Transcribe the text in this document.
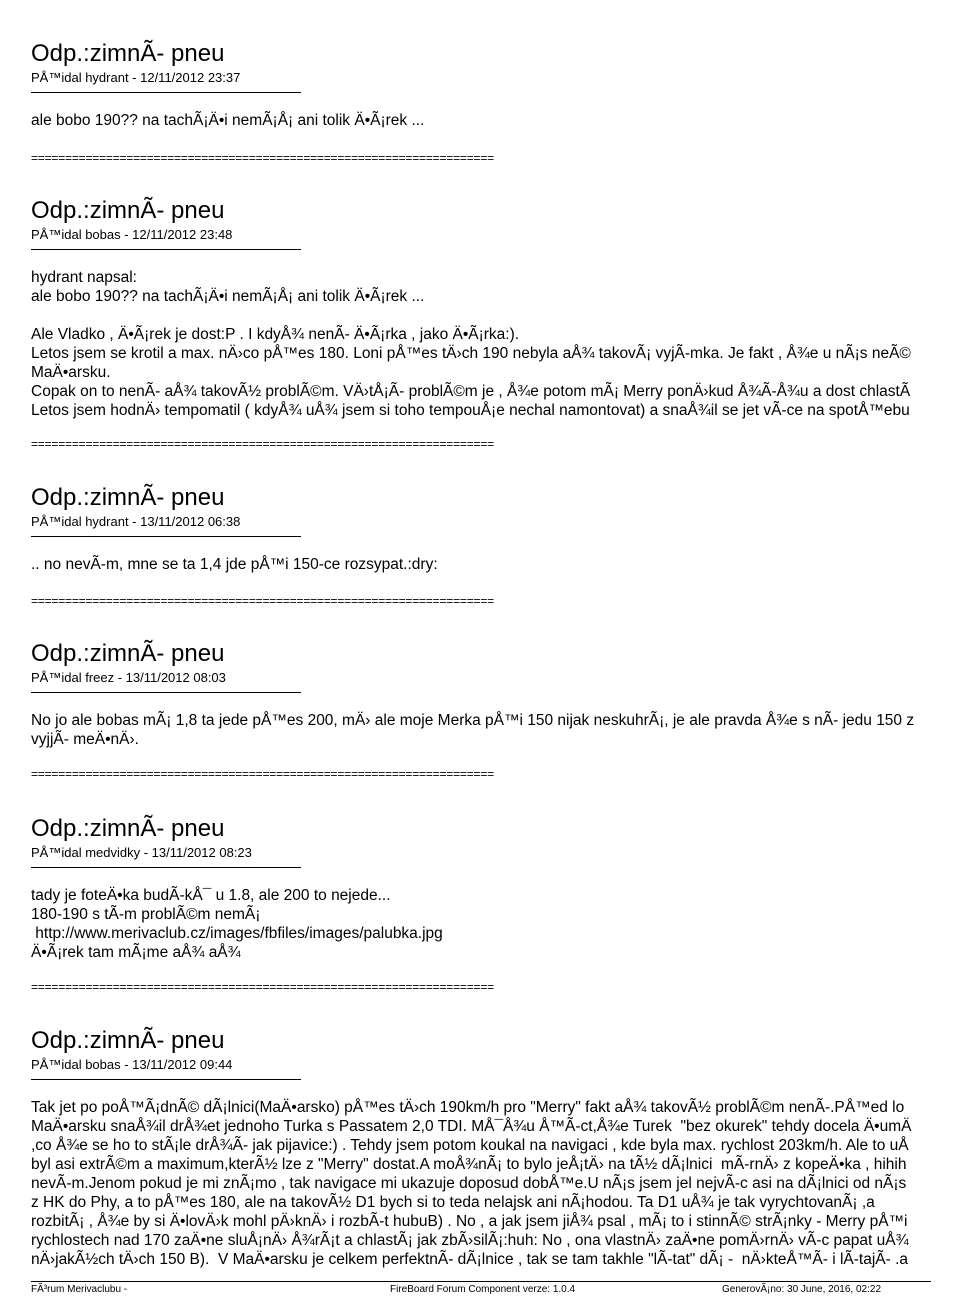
Odp.:zimnÃ- pneu
PÅ™idal hydrant - 12/11/2012 23:37
ale bobo 190?? na tachÃ¡Ä•i nemÃ¡Å¡ ani tolik Ä•Ã¡rek ...
====================================================================
Odp.:zimnÃ- pneu
PÅ™idal bobas - 12/11/2012 23:48
hydrant napsal:
ale bobo 190?? na tachÃ¡Ä•i nemÃ¡Å¡ ani tolik Ä•Ã¡rek ...
Ale Vladko , Ä•Ã¡rek je dost:P . I kdyÅ¾ nenÃ- Ä•Ã¡rka , jako Ä•Ã¡rka:).
Letos jsem se krotil a max. nÄ›co pÅ™es 180. Loni pÅ™es tÄ›ch 190 nebyla aÅ¾ takovÃ¡ vyjÃ-mka. Je fakt , Å¾e u nÃ¡s neÃ©
MaÄ•arsku.
Copak on to nenÃ- aÅ¾ takovÃ½ problÃ©m. VÄ›tÅ¡Ã- problÃ©m je , Å¾e potom mÃ¡ Merry ponÄ›kud Å¾Ã-Å¾u a dost chlastÃ
Letos jsem hodnÄ› tempomatil ( kdyÅ¾ uÅ¾ jsem si toho tempouÅ¡e nechal namontovat) a snaÅ¾il se jet vÃ-ce na spotÅ™ebu
====================================================================
Odp.:zimnÃ- pneu
PÅ™idal hydrant - 13/11/2012 06:38
.. no nevÃ-m, mne se ta 1,4 jde pÅ™i 150-ce rozsypat.:dry:
====================================================================
Odp.:zimnÃ- pneu
PÅ™idal freez - 13/11/2012 08:03
No jo ale bobas mÃ¡ 1,8 ta jede pÅ™es 200, mÄ› ale moje Merka pÅ™i 150 nijak neskuhrÃ¡, je ale pravda Å¾e s nÃ- jedu 150 z
vyjjÃ- meÄ•nÄ›.
====================================================================
Odp.:zimnÃ- pneu
PÅ™idal medvidky - 13/11/2012 08:23
tady je foteÄ•ka budÃ-kÅ¯ u 1.8, ale 200 to nejede...
180-190 s tÃ-m problÃ©m nemÃ¡
http://www.merivaclub.cz/images/fbfiles/images/palubka.jpg
Ä•Ã¡rek tam mÃ¡me aÅ¾ aÅ¾
====================================================================
Odp.:zimnÃ- pneu
PÅ™idal bobas - 13/11/2012 09:44
Tak jet po poÅ™Ã¡dnÃ© dÃ¡lnici(MaÄ•arsko) pÅ™es tÄ›ch 190km/h pro "Merry" fakt aÅ¾ takovÃ½ problÃ©m nenÃ-.PÅ™ed lo
MaÄ•arsku snaÅ¾il drÅ¾et jednoho Turka s Passatem 2,0 TDI. MÅ¯Å¾u Å™Ã-ct,Å¾e Turek  "bez okurek" tehdy docela Ä•umÄ
,co Å¾e se ho to stÃ¡le drÅ¾Ã- jak pijavice:) . Tehdy jsem potom koukal na navigaci , kde byla max. rychlost 203km/h. Ale to uÅ
byl asi extrÃ©m a maximum,kterÃ½ lze z "Merry" dostat.A moÅ¾nÃ¡ to bylo jeÅ¡tÄ› na tÃ½ dÃ¡lnici  mÃ-rnÄ› z kopeÄ•ka , hihih
nevÃ-m.Jenom pokud je mi znÃ¡mo , tak navigace mi ukazuje doposud dobÅ™e.U nÃ¡s jsem jel nejvÃ-c asi na dÃ¡lnici od nÃ¡s
z HK do Phy, a to pÅ™es 180, ale na takovÃ½ D1 bych si to teda nelajsk ani nÃ¡hodou. Ta D1 uÅ¾ je tak vyrychtovanÃ¡ ,a
rozbitÃ¡ , Å¾e by si Ä•lovÄ›k mohl pÄ›knÄ› i rozbÃ-t hubuB) . No , a jak jsem jiÅ¾ psal , mÃ¡ to i stinnÃ© strÃ¡nky - Merry pÅ™i
rychlostech nad 170 zaÄ•ne sluÅ¡nÄ› Å¾rÃ¡t a chlastÃ¡ jak zbÃ›silÃ¡:huh: No , ona vlastnÄ› zaÄ•ne pomÄ›rnÄ› vÃ-c papat uÅ¾
nÄ›jakÃ½ch tÄ›ch 150 B).  V MaÄ•arsku je celkem perfektnÃ- dÃ¡lnice , tak se tam takhle "lÃ-tat" dÃ¡ -  nÄ›kteÅ™Ã- i lÃ-tajÃ- .a
FÃ³rum Merivaclubu -	FireBoard Forum Component verze: 1.0.4	GenerovÃ¡no: 30 June, 2016, 02:22
